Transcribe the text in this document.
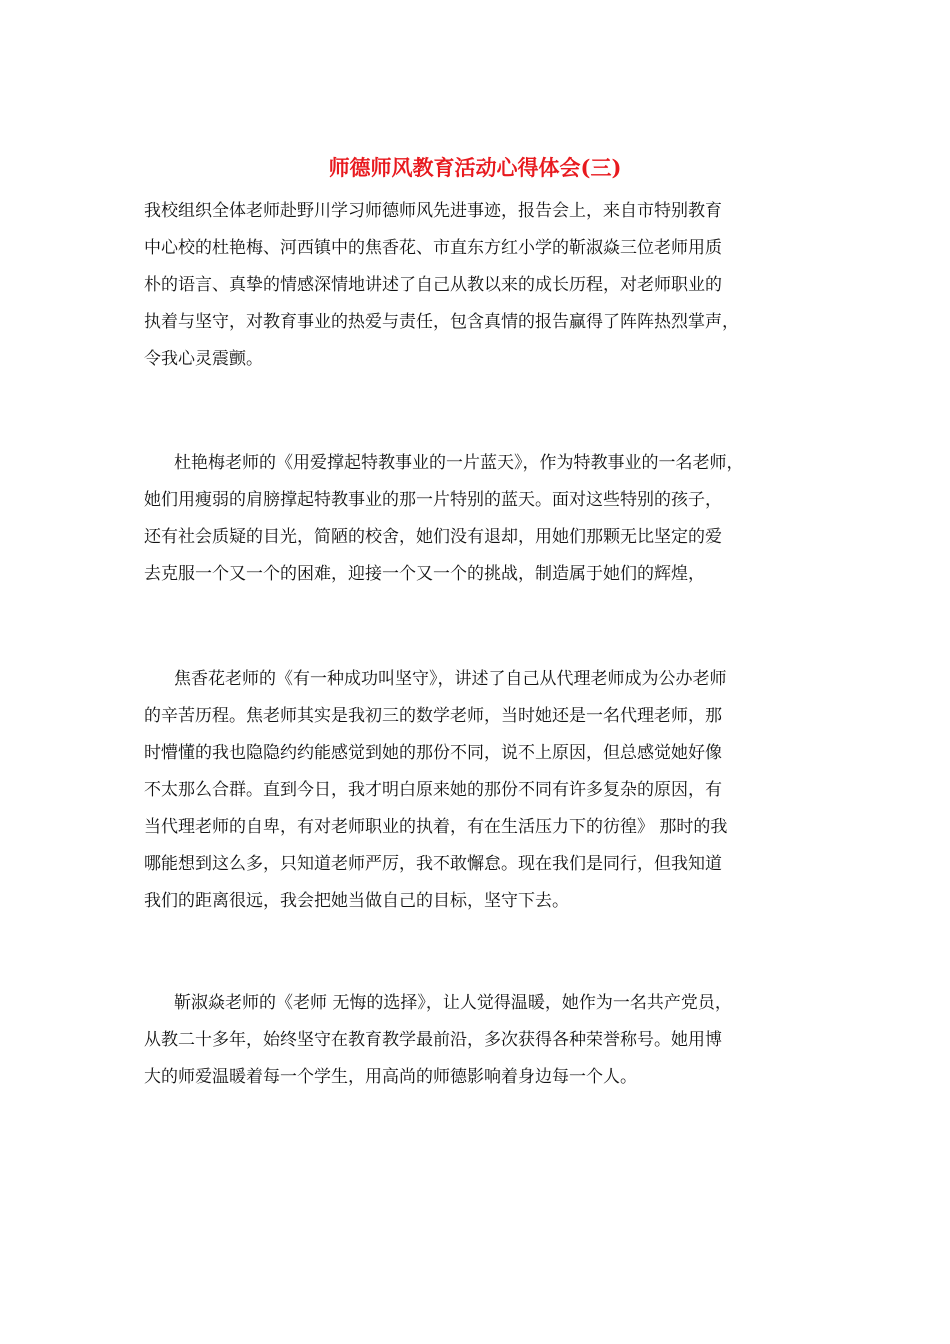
师德师风教育活动心得体会(三)

我校组织全体老师赴野川学习师德师风先进事迹，报告会上，来自市特别教育
中心校的杜艳梅、河西镇中的焦香花、市直东方红小学的靳淑焱三位老师用质
朴的语言、真挚的情感深情地讲述了自己从教以来的成长历程，对老师职业的
执着与坚守，对教育事业的热爱与责任，包含真情的报告赢得了阵阵热烈掌声，
令我心灵震颤。

杜艳梅老师的《用爱撑起特教事业的一片蓝天》，作为特教事业的一名老师，
她们用瘦弱的肩膀撑起特教事业的那一片特别的蓝天。面对这些特别的孩子，
还有社会质疑的目光，简陋的校舍，她们没有退却，用她们那颗无比坚定的爱
去克服一个又一个的困难，迎接一个又一个的挑战，制造属于她们的辉煌，

焦香花老师的《有一种成功叫坚守》，讲述了自己从代理老师成为公办老师
的辛苦历程。焦老师其实是我初三的数学老师，当时她还是一名代理老师，那
时懵懂的我也隐隐约约能感觉到她的那份不同，说不上原因，但总感觉她好像
不太那么合群。直到今日，我才明白原来她的那份不同有许多复杂的原因，有
当代理老师的自卑，有对老师职业的执着，有在生活压力下的彷徨》 那时的我
哪能想到这么多，只知道老师严厉，我不敢懈怠。现在我们是同行，但我知道
我们的距离很远，我会把她当做自己的目标，坚守下去。

靳淑焱老师的《老师 无悔的选择》，让人觉得温暖，她作为一名共产党员，
从教二十多年，始终坚守在教育教学最前沿，多次获得各种荣誉称号。她用博
大的师爱温暖着每一个学生，用高尚的师德影响着身边每一个人。
